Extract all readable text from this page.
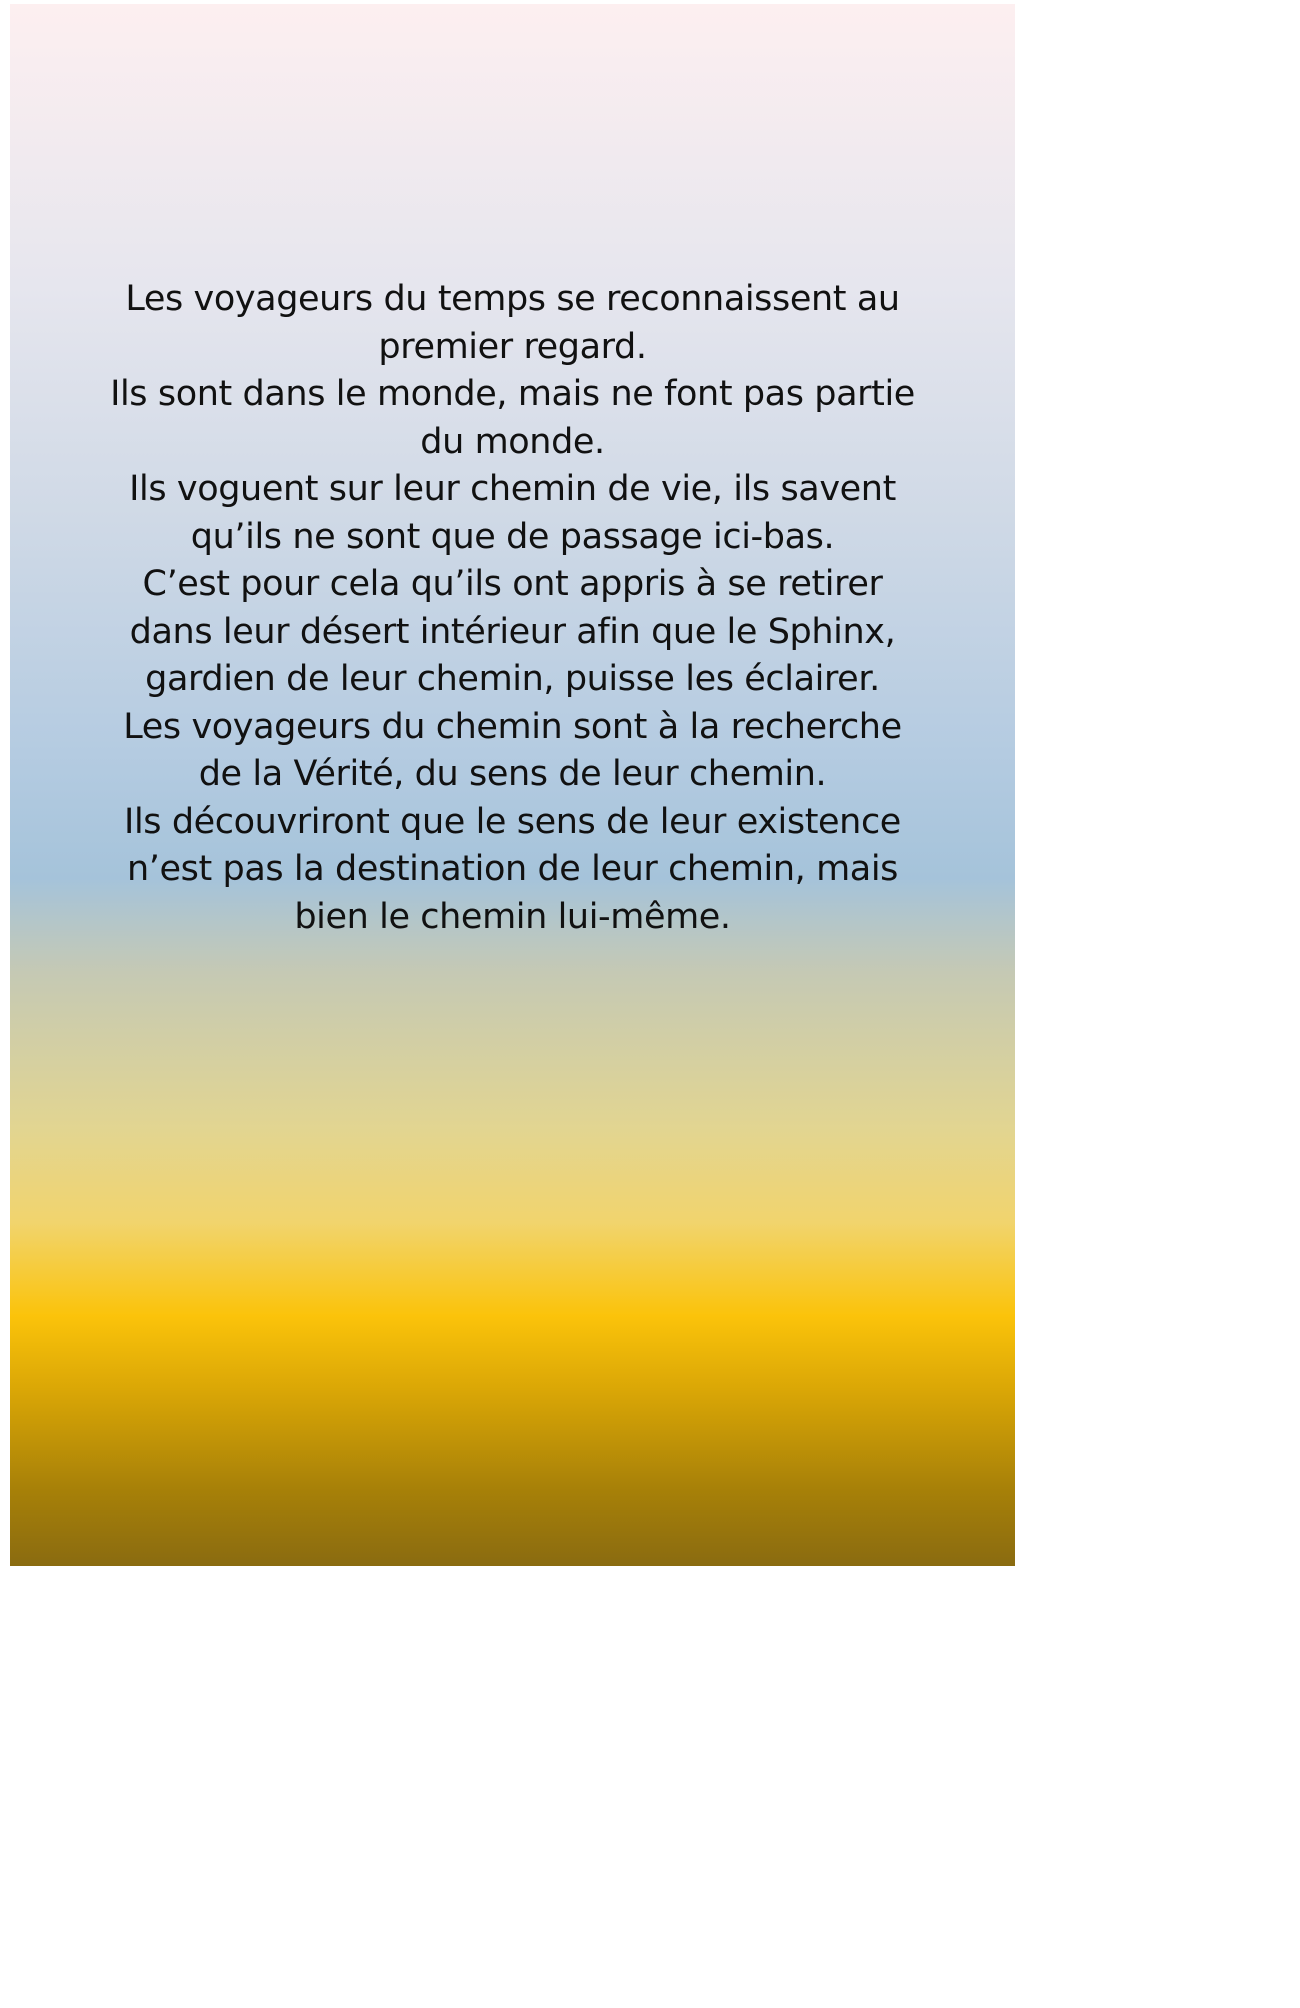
Les voyageurs du temps se reconnaissent au
premier regard.
Ils sont dans le monde, mais ne font pas partie
du monde.
Ils voguent sur leur chemin de vie, ils savent
qu’ils ne sont que de passage ici-bas.
C’est pour cela qu’ils ont appris à se retirer
dans leur désert intérieur afin que le Sphinx,
gardien de leur chemin, puisse les éclairer.
Les voyageurs du chemin sont à la recherche
de la Vérité, du sens de leur chemin.
Ils découvriront que le sens de leur existence
n’est pas la destination de leur chemin, mais
bien le chemin lui-même.
